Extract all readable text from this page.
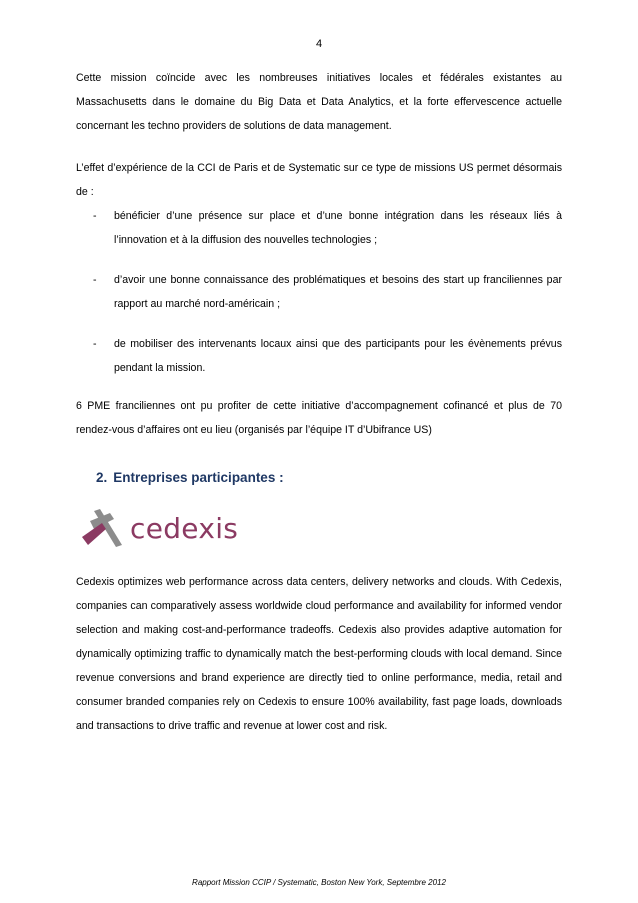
4

Cette mission coïncide avec les nombreuses initiatives locales et fédérales existantes au Massachusetts dans le domaine du Big Data et Data Analytics, et la forte effervescence actuelle concernant les techno providers de solutions de data management.

L’effet d’expérience de la CCI de Paris et de Systematic sur ce type de missions US permet désormais de :

- bénéficier d’une présence sur place et d’une bonne intégration dans les réseaux liés à l’innovation et à la diffusion des nouvelles technologies ;
- d’avoir une bonne connaissance des problématiques et besoins des start up franciliennes par rapport au marché nord-américain ;
- de mobiliser des intervenants locaux ainsi que des participants pour les évènements prévus pendant la mission.

6 PME franciliennes ont pu profiter de cette initiative d’accompagnement cofinancé et plus de 70 rendez-vous d’affaires ont eu lieu (organisés par l’équipe IT d’Ubifrance US)

2. Entreprises participantes :
cedexis

Cedexis optimizes web performance across data centers, delivery networks and clouds. With Cedexis, companies can comparatively assess worldwide cloud performance and availability for informed vendor selection and making cost-and-performance tradeoffs. Cedexis also provides adaptive automation for dynamically optimizing traffic to dynamically match the best-performing clouds with local demand. Since revenue conversions and brand experience are directly tied to online performance, media, retail and consumer branded companies rely on Cedexis to ensure 100% availability, fast page loads, downloads and transactions to drive traffic and revenue at lower cost and risk.

Rapport Mission CCIP / Systematic, Boston New York, Septembre 2012
